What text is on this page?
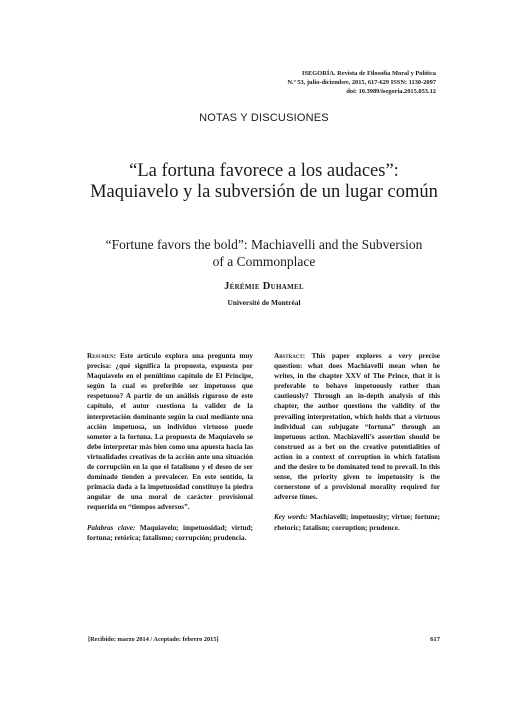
ISEGORÍA. Revista de Filosofía Moral y Política
N.º 53, julio-diciembre, 2015, 617-629 ISSN: 1130-2097
doi: 10.3989/isegoria.2015.053.12
NOTAS Y DISCUSIONES
“La fortuna favorece a los audaces”:
Maquiavelo y la subversión de un lugar común
“Fortune favors the bold”: Machiavelli and the Subversion
of a Commonplace
Jérémie Duhamel
Université de Montréal

Resumen: Este artículo explora una pregunta muy precisa: ¿qué significa la propuesta, expuesta por Maquiavelo en el penúltimo capítulo de El Príncipe, según la cual es preferible ser impetuoso que respetuoso? A partir de un análisis riguroso de este capítulo, el autor cuestiona la validez de la interpretación dominante según la cual mediante una acción impetuosa, un individuo virtuoso puede someter a la fortuna. La propuesta de Maquiavelo se debe interpretar más bien como una apuesta hacia las virtualidades creativas de la acción ante una situación de corrupción en la que el fatalismo y el deseo de ser dominado tienden a prevalecer. En este sentido, la primacía dada a la impetuosidad constituye la piedra angular de una moral de carácter provisional requerida en “tiempos adversos”.

Palabras clave: Maquiavelo; impetuosidad; virtud; fortuna; retórica; fatalismo; corrupción; prudencia.

Abstract: This paper explores a very precise question: what does Machiavelli mean when he writes, in the chapter XXV of The Prince, that it is preferable to behave impetuously rather than cautiously? Through an in-depth analysis of this chapter, the author questions the validity of the prevailing interpretation, which holds that a virtuous individual can subjugate “fortuna” through an impetuous action. Machiavelli’s assertion should be construed as a bet on the creative potentialities of action in a context of corruption in which fatalism and the desire to be dominated tend to prevail. In this sense, the priority given to impetuosity is the cornerstone of a provisional morality required for adverse times.

Key words: Machiavelli; impetuosity; virtue; fortune; rhetoric; fatalism; corruption; prudence.

[Recibido: marzo 2014 / Aceptado: febrero 2015]	617
